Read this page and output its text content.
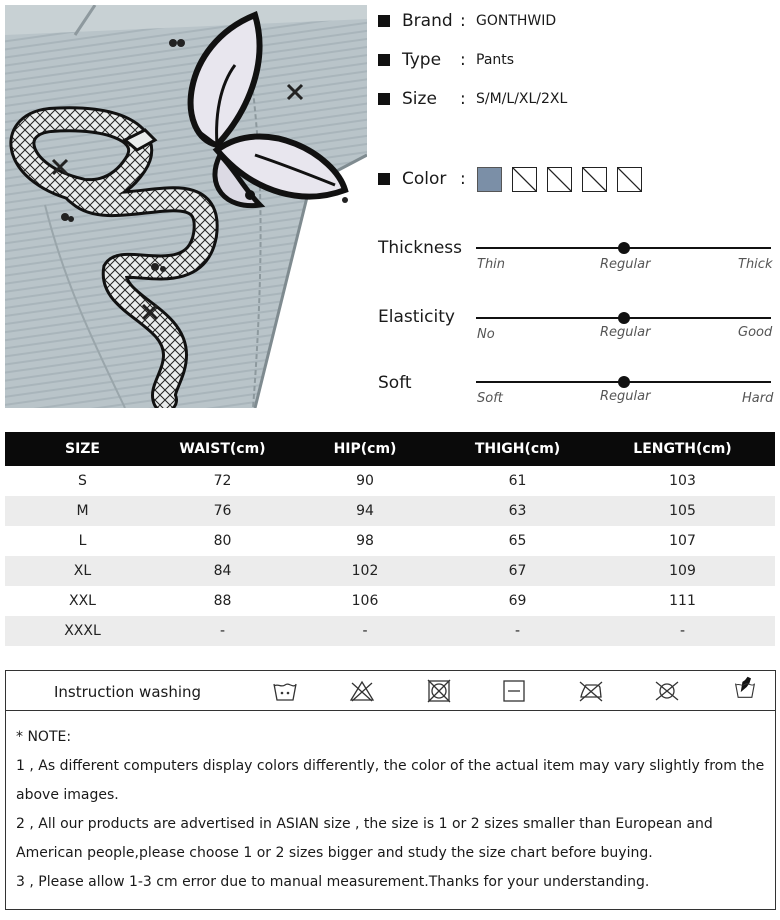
Brand : GONTHWID
Type	: Pants
Size	: S/M/L/XL/2XL
Color :
Thickness
Thin	Regular	Thick
Elasticity
No	Regular	Good
Soft
Soft	Regular	Hard
SIZE	WAIST(cm)	HIP(cm)	THIGH(cm)	LENGTH(cm)
S	72	90	61	103
M	76	94	63	105
L	80	98	65	107
XL	84	102	67	109
XXL	88	106	69	111
XXXL	-	-	-	-
Instruction washing

* NOTE:

1 , As different computers display colors differently, the color of the actual item may vary slightly from the above images.

2 , All our products are advertised in ASIAN size , the size is 1 or 2 sizes smaller than European and American people,please choose 1 or 2 sizes bigger and study the size chart before buying.

3 , Please allow 1-3 cm error due to manual measurement.Thanks for your understanding.
